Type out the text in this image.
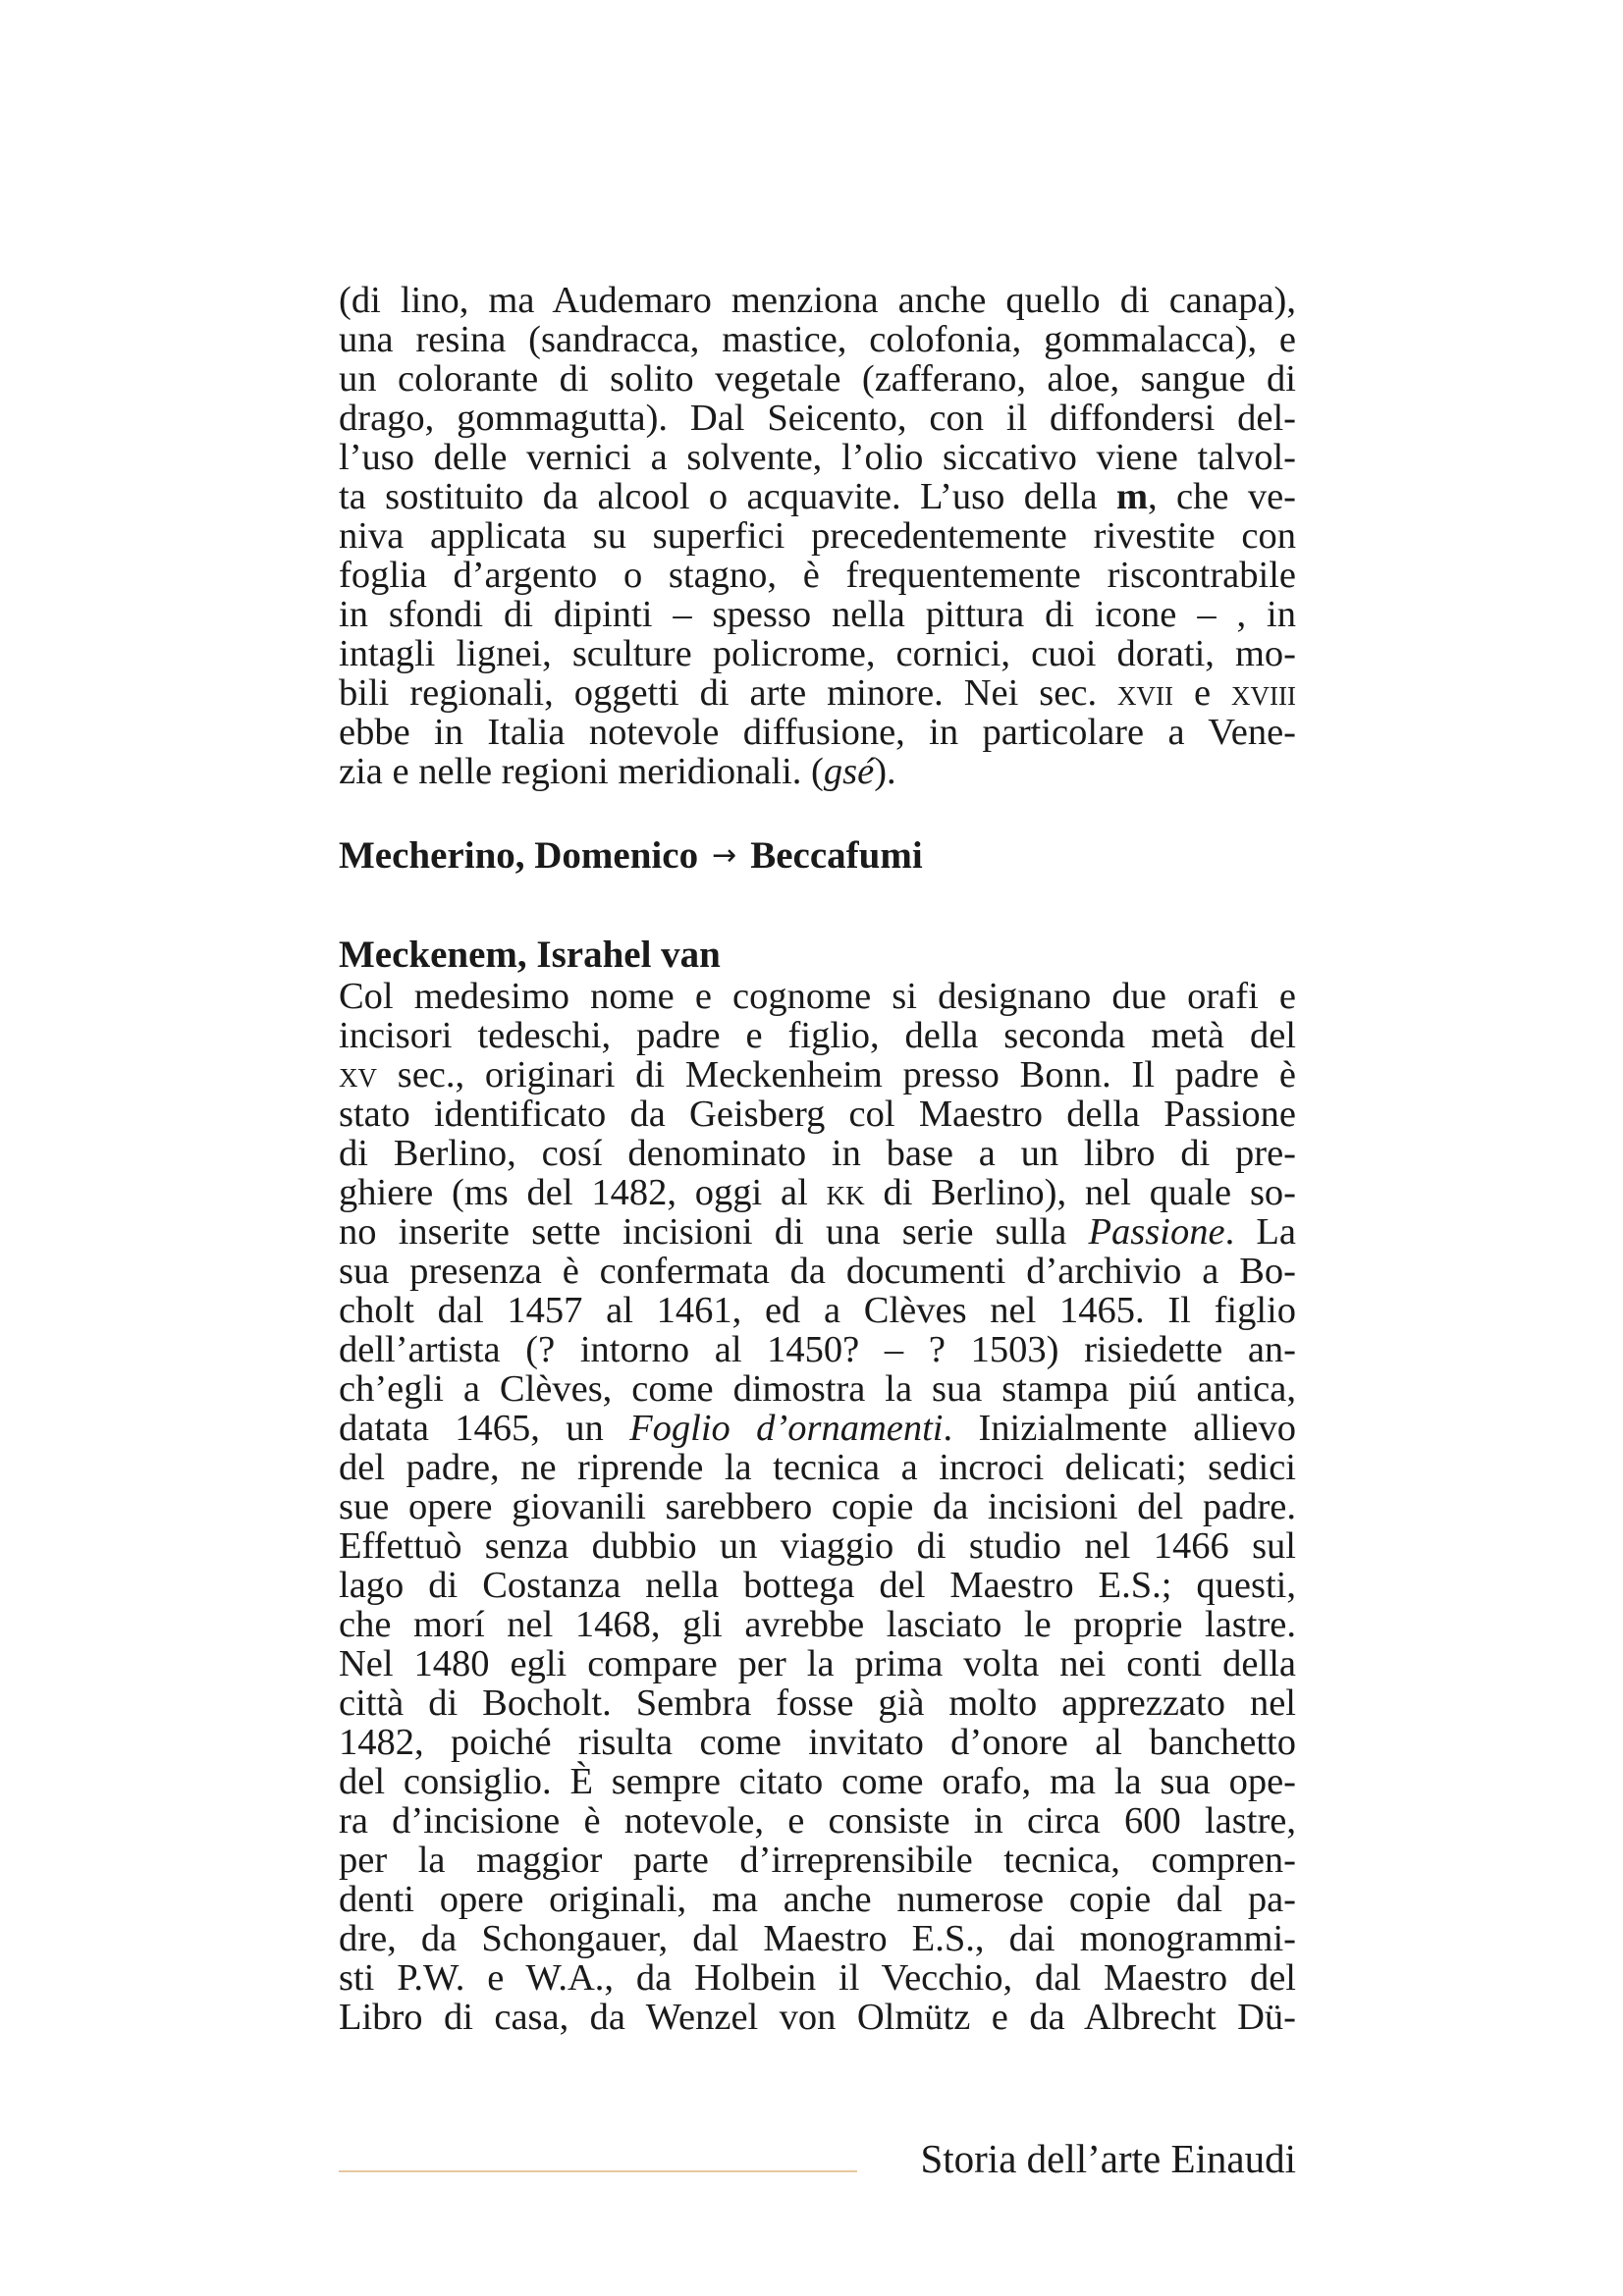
(di lino, ma Audemaro menziona anche quello di canapa),
una resina (sandracca, mastice, colofonia, gommalacca), e
un colorante di solito vegetale (zafferano, aloe, sangue di
drago, gommagutta). Dal Seicento, con il diffondersi del-
l’uso delle vernici a solvente, l’olio siccativo viene talvol-
ta sostituito da alcool o acquavite. L’uso della m, che ve-
niva applicata su superfici precedentemente rivestite con
foglia d’argento o stagno, è frequentemente riscontrabile
in sfondi di dipinti – spesso nella pittura di icone – , in
intagli lignei, sculture policrome, cornici, cuoi dorati, mo-
bili regionali, oggetti di arte minore. Nei sec. xvii e xviii
ebbe in Italia notevole diffusione, in particolare a Vene-
zia e nelle regioni meridionali. (gsé).
Mecherino, Domenico → Beccafumi
Meckenem, Israhel van
Col medesimo nome e cognome si designano due orafi e
incisori tedeschi, padre e figlio, della seconda metà del
xv sec., originari di Meckenheim presso Bonn. Il padre è
stato identificato da Geisberg col Maestro della Passione
di Berlino, cosí denominato in base a un libro di pre-
ghiere (ms del 1482, oggi al kk di Berlino), nel quale so-
no inserite sette incisioni di una serie sulla Passione. La
sua presenza è confermata da documenti d’archivio a Bo-
cholt dal 1457 al 1461, ed a Clèves nel 1465. Il figlio
dell’artista (? intorno al 1450? – ? 1503) risiedette an-
ch’egli a Clèves, come dimostra la sua stampa piú antica,
datata 1465, un Foglio d’ornamenti. Inizialmente allievo
del padre, ne riprende la tecnica a incroci delicati; sedici
sue opere giovanili sarebbero copie da incisioni del padre.
Effettuò senza dubbio un viaggio di studio nel 1466 sul
lago di Costanza nella bottega del Maestro E.S.; questi,
che morí nel 1468, gli avrebbe lasciato le proprie lastre.
Nel 1480 egli compare per la prima volta nei conti della
città di Bocholt. Sembra fosse già molto apprezzato nel
1482, poiché risulta come invitato d’onore al banchetto
del consiglio. È sempre citato come orafo, ma la sua ope-
ra d’incisione è notevole, e consiste in circa 600 lastre,
per la maggior parte d’irreprensibile tecnica, compren-
denti opere originali, ma anche numerose copie dal pa-
dre, da Schongauer, dal Maestro E.S., dai monogrammi-
sti P.W. e W.A., da Holbein il Vecchio, dal Maestro del
Libro di casa, da Wenzel von Olmütz e da Albrecht Dü-
Storia dell’arte Einaudi
